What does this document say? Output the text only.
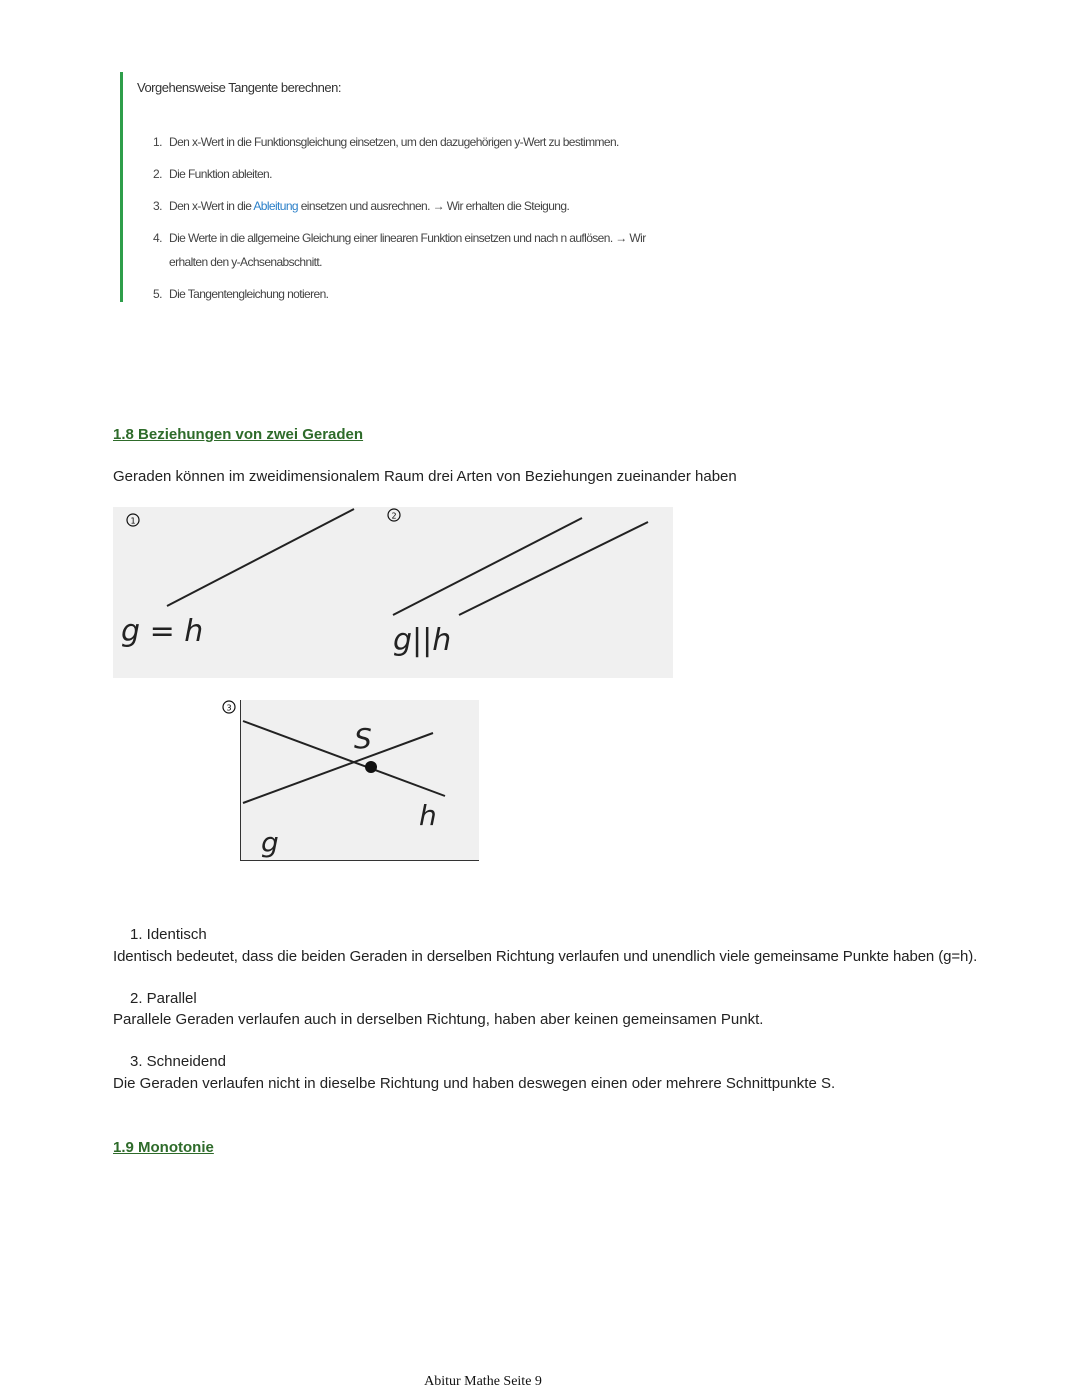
Vorgehensweise Tangente berechnen:
1. Den x-Wert in die Funktionsgleichung einsetzen, um den dazugehörigen y-Wert zu bestimmen.
2. Die Funktion ableiten.
3. Den x-Wert in die Ableitung einsetzen und ausrechnen. → Wir erhalten die Steigung.
4. Die Werte in die allgemeine Gleichung einer linearen Funktion einsetzen und nach n auflösen. → Wir
erhalten den y-Achsenabschnitt.
5. Die Tangentengleichung notieren.
1.8 Beziehungen von zwei Geraden
Geraden können im zweidimensionalem Raum drei Arten von Beziehungen zueinander haben
1
g = h
2
g||h
3
S
h
g
1. Identisch
Identisch bedeutet, dass die beiden Geraden in derselben Richtung verlaufen und unendlich viele gemeinsame Punkte haben (g=h).
2. Parallel
Parallele Geraden verlaufen auch in derselben Richtung, haben aber keinen gemeinsamen Punkt.
3. Schneidend
Die Geraden verlaufen nicht in dieselbe Richtung und haben deswegen einen oder mehrere Schnittpunkte S.
1.9 Monotonie
Abitur Mathe Seite 9
